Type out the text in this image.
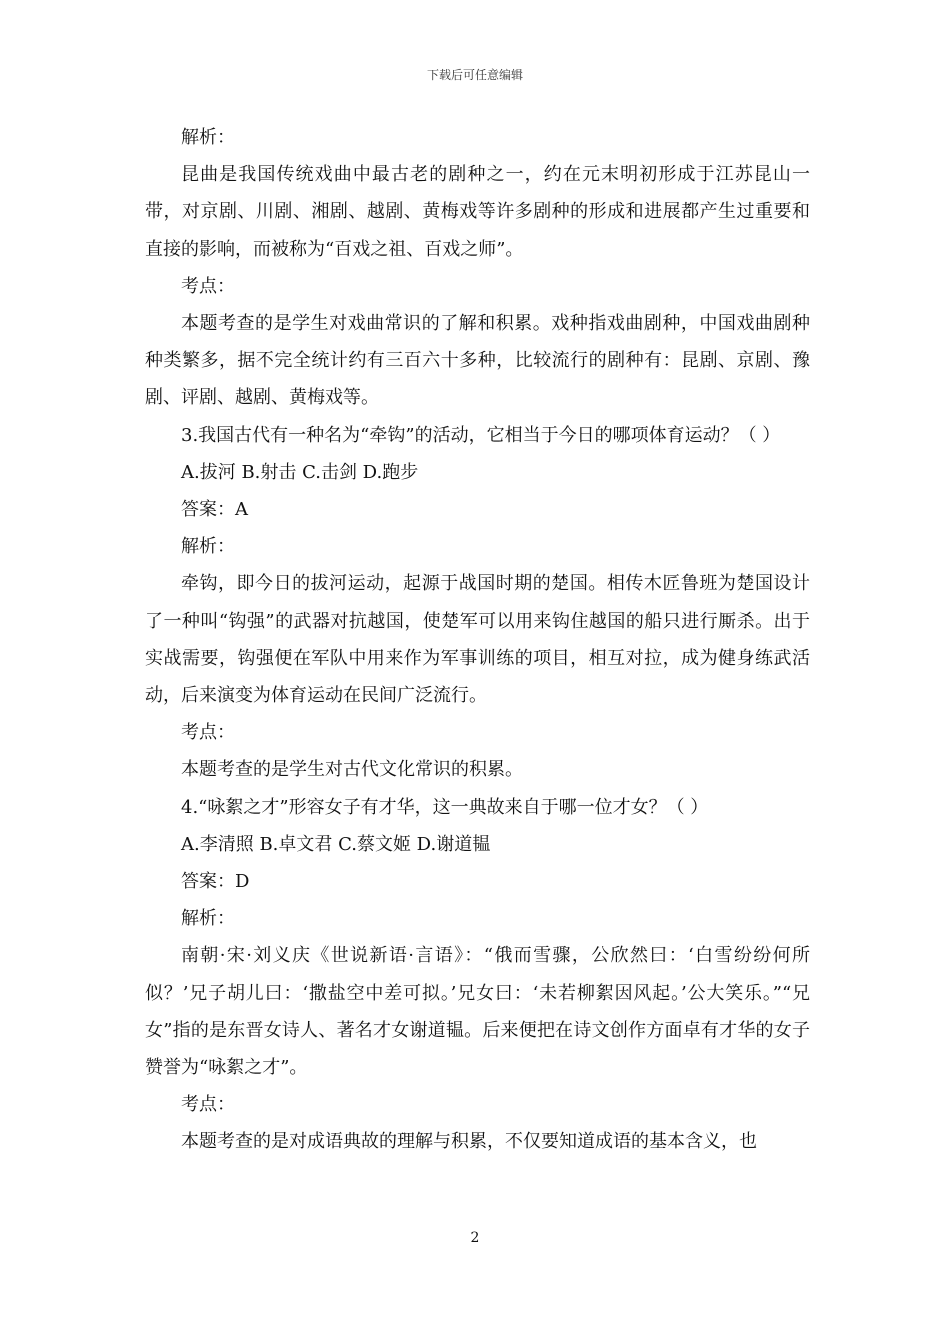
下载后可任意编辑

解析：

昆曲是我国传统戏曲中最古老的剧种之一，约在元末明初形成于江苏昆山一带，对京剧、川剧、湘剧、越剧、黄梅戏等许多剧种的形成和进展都产生过重要和直接的影响，而被称为“百戏之祖、百戏之师”。

考点：

本题考查的是学生对戏曲常识的了解和积累。戏种指戏曲剧种，中国戏曲剧种种类繁多，据不完全统计约有三百六十多种，比较流行的剧种有：昆剧、京剧、豫剧、评剧、越剧、黄梅戏等。

3.我国古代有一种名为“牵钩”的活动，它相当于今日的哪项体育运动？（ ）

A.拔河 B.射击 C.击剑 D.跑步

答案：A

解析：

牵钩，即今日的拔河运动，起源于战国时期的楚国。相传木匠鲁班为楚国设计了一种叫“钩强”的武器对抗越国，使楚军可以用来钩住越国的船只进行厮杀。出于实战需要，钩强便在军队中用来作为军事训练的项目，相互对拉，成为健身练武活动，后来演变为体育运动在民间广泛流行。

考点：

本题考查的是学生对古代文化常识的积累。

4.“咏絮之才”形容女子有才华，这一典故来自于哪一位才女？（ ）

A.李清照 B.卓文君 C.蔡文姬 D.谢道韫

答案：D

解析：

南朝·宋·刘义庆《世说新语·言语》：“俄而雪骤，公欣然曰：‘白雪纷纷何所似？’兄子胡儿曰：‘撒盐空中差可拟。’兄女曰：‘未若柳絮因风起。’公大笑乐。”“兄女”指的是东晋女诗人、著名才女谢道韫。后来便把在诗文创作方面卓有才华的女子赞誉为“咏絮之才”。

考点：

本题考查的是对成语典故的理解与积累，不仅要知道成语的基本含义，也

2
